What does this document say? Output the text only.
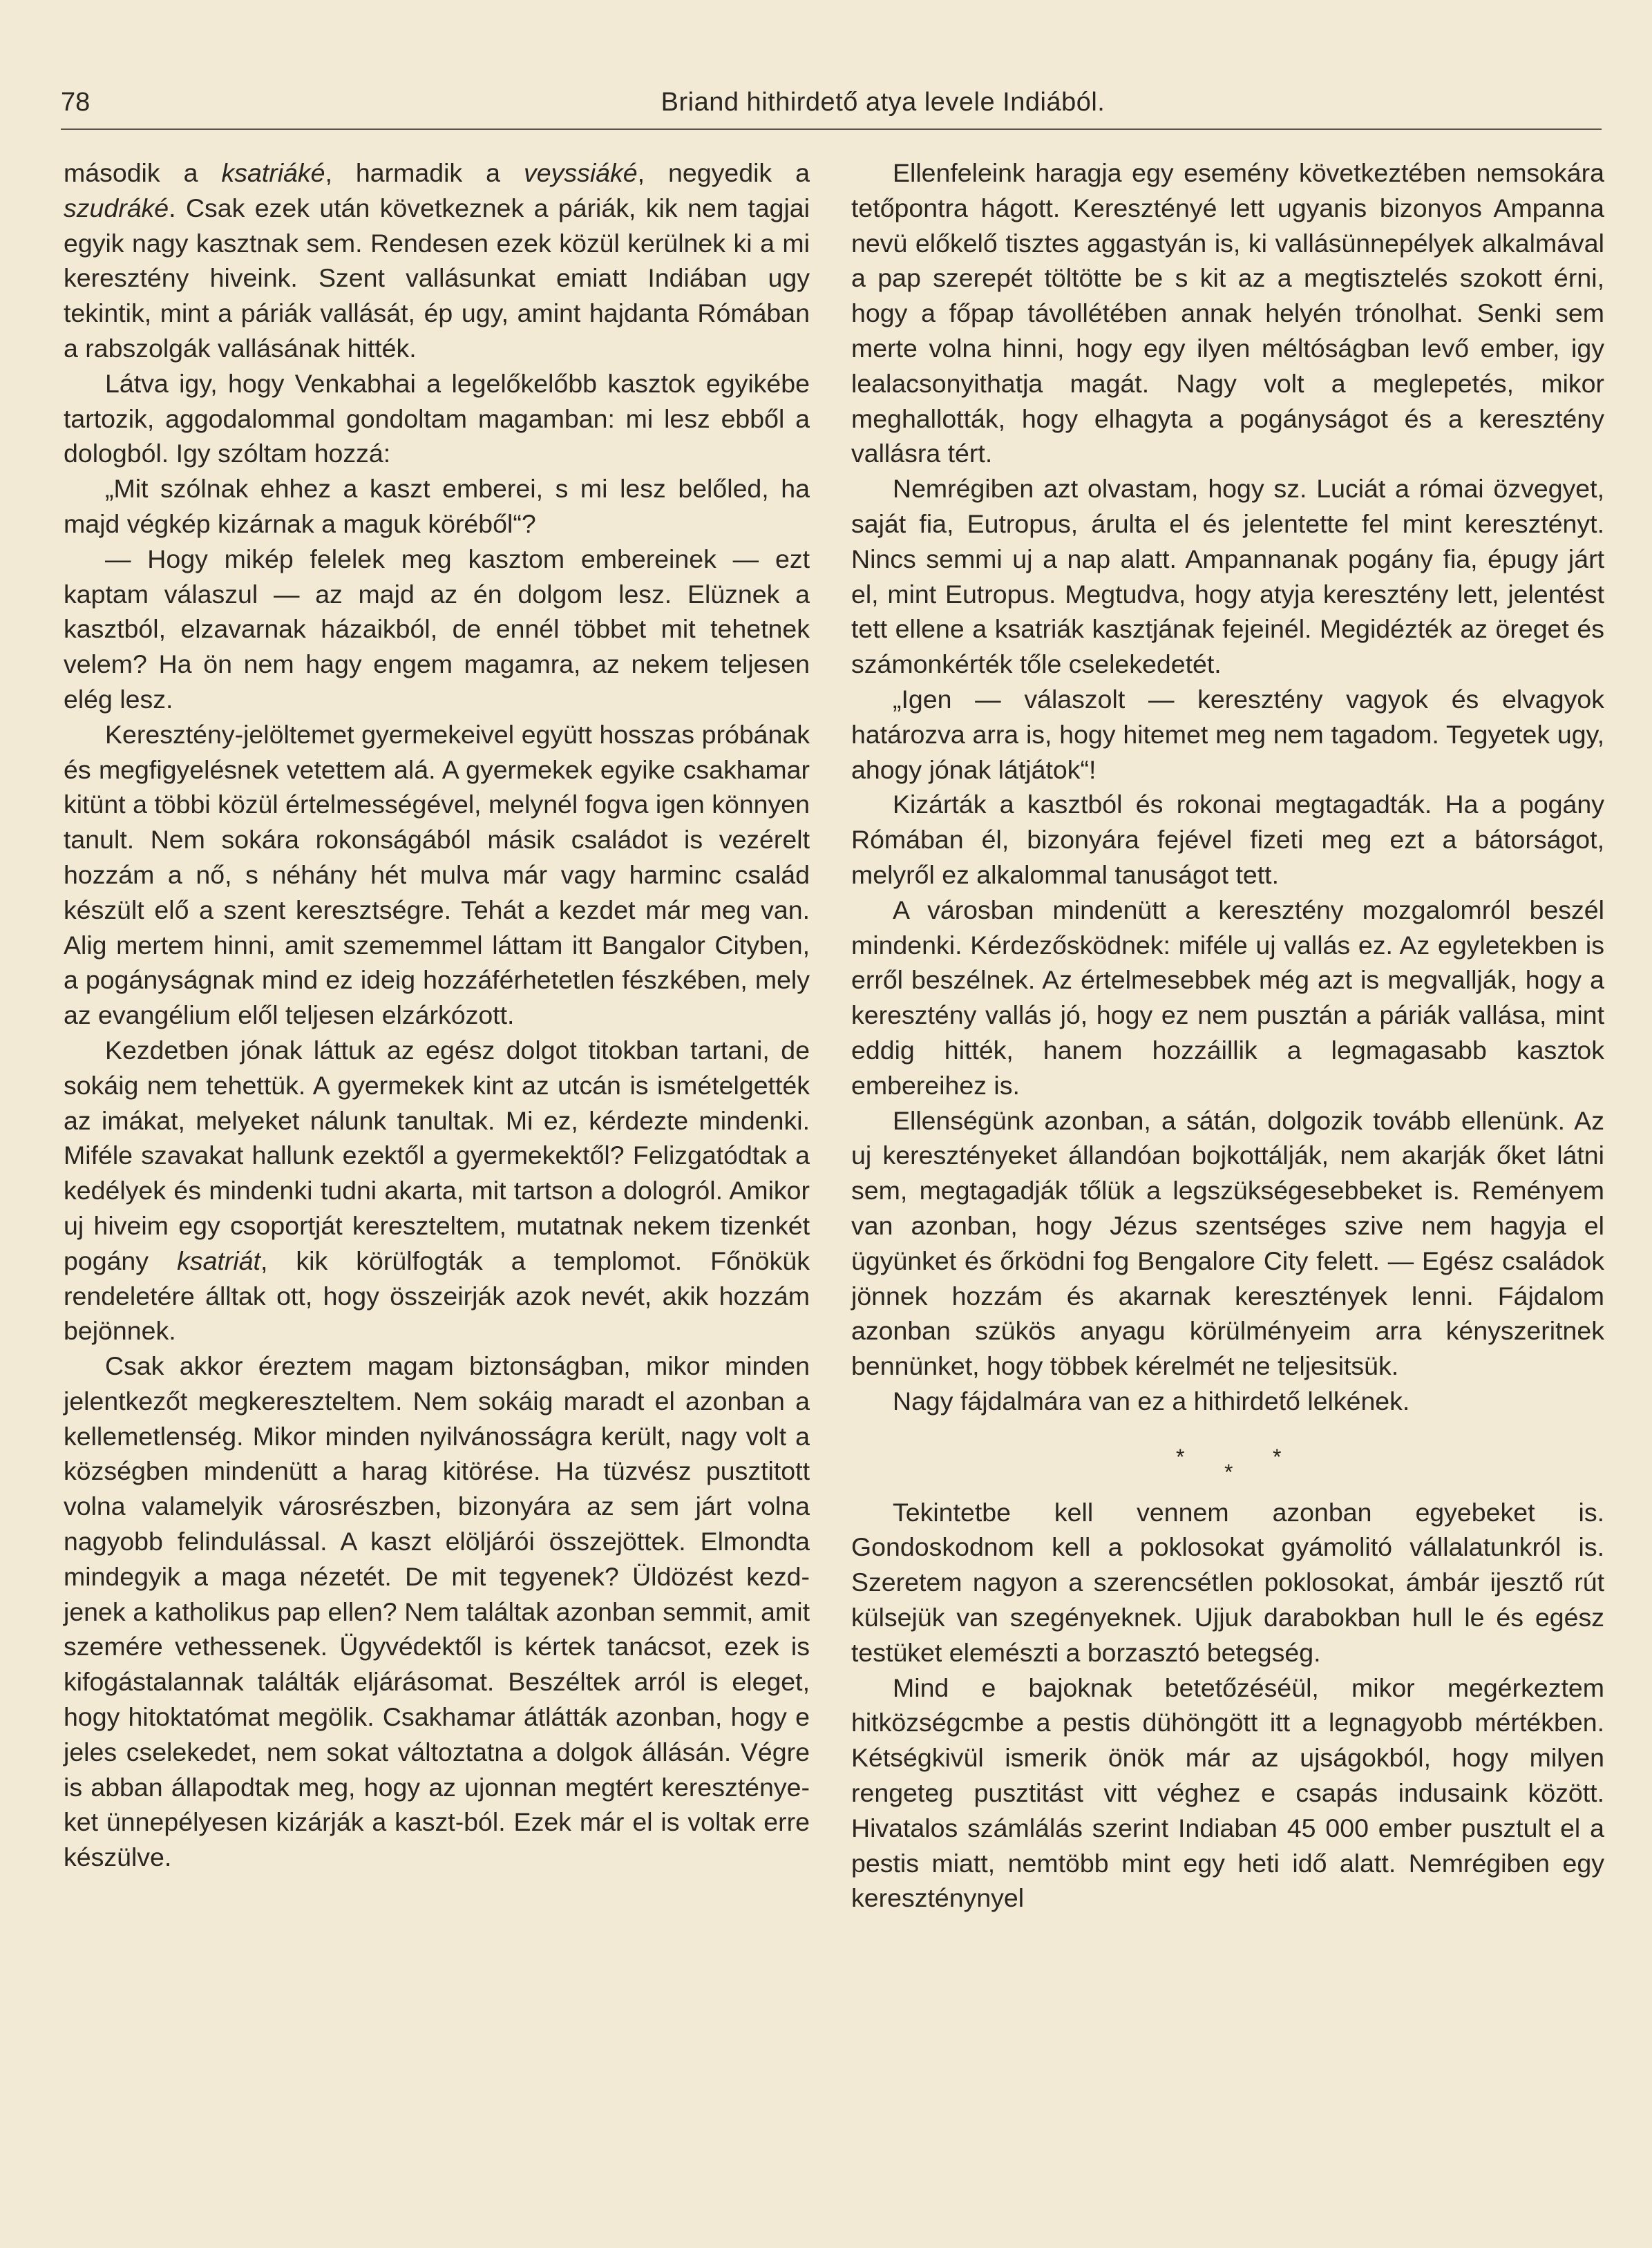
78	Briand hithirdető atya levele Indiából.

második a ksatriáké, harmadik a veyssiáké, negyedik a szudráké. Csak ezek után következnek a páriák, kik nem tagjai egyik nagy kasztnak sem. Rendesen ezek közül kerülnek ki a mi keresztény hiveink. Szent vallásunkat emiatt Indiában ugy tekintik, mint a páriák vallását, ép ugy, amint hajdanta Rómában a rabszolgák vallásának hitték.

Látva igy, hogy Venkabhai a legelőkelőbb kasztok egyikébe tartozik, aggodalommal gondoltam magamban: mi lesz ebből a dologból. Igy szóltam hozzá:

„Mit szólnak ehhez a kaszt emberei, s mi lesz belőled, ha majd végkép kizárnak a maguk köréből“?

— Hogy mikép felelek meg kasztom embereinek — ezt kaptam válaszul — az majd az én dolgom lesz. Elüznek a kasztból, elzavarnak házaikból, de ennél többet mit tehetnek velem? Ha ön nem hagy engem magamra, az nekem teljesen elég lesz.

Keresztény-jelöltemet gyermekeivel együtt hosszas próbának és megfigyelésnek vetettem alá. A gyermekek egyike csakhamar kitünt a többi közül értelmességével, melynél fogva igen könnyen tanult. Nem sokára rokonságából másik családot is vezérelt hozzám a nő, s néhány hét mulva már vagy harminc család készült elő a szent keresztségre. Tehát a kezdet már meg van. Alig mertem hinni, amit szememmel láttam itt Bangalor Cityben, a pogányságnak mind ez ideig hozzáférhetetlen fészkében, mely az evangélium elől teljesen elzárkózott.

Kezdetben jónak láttuk az egész dolgot titokban tartani, de sokáig nem tehettük. A gyermekek kint az utcán is ismételgették az imákat, melyeket nálunk tanultak. Mi ez, kérdezte mindenki. Miféle szavakat hallunk ezektől a gyermekektől? Felizgatódtak a kedélyek és mindenki tudni akarta, mit tartson a dologról. Amikor uj hiveim egy csoportját kereszteltem, mutatnak nekem tizenkét pogány ksatriát, kik körülfogták a templomot. Főnökük rendeletére álltak ott, hogy összeirják azok nevét, akik hozzám bejönnek.

Csak akkor éreztem magam biztonságban, mikor minden jelentkezőt megkereszteltem. Nem sokáig maradt el azonban a kellemetlenség. Mikor minden nyilvánosságra került, nagy volt a községben mindenütt a harag kitörése. Ha tüzvész pusztitott volna valamelyik városrészben, bizonyára az sem járt volna nagyobb felindulással. A kaszt elöljárói összejöttek. Elmondta mindegyik a maga nézetét. De mit tegyenek? Üldözést kezdjenek a katholikus pap ellen? Nem találtak azonban semmit, amit szemére vethessenek. Ügyvédektől is kértek tanácsot, ezek is kifogástalannak találták eljárásomat. Beszéltek arról is eleget, hogy hitoktatómat megölik. Csakhamar átlátták azonban, hogy e jeles cselekedet, nem sokat változtatna a dolgok állásán. Végre is abban állapodtak meg, hogy az ujonnan megtért keresztényeket ünnepélyesen kizárják a kaszt-ból. Ezek már el is voltak erre készülve.

Ellenfeleink haragja egy esemény következtében nemsokára tetőpontra hágott. Keresztényé lett ugyanis bizonyos Ampanna nevü előkelő tisztes aggastyán is, ki vallásünnepélyek alkalmával a pap szerepét töltötte be s kit az a megtisztelés szokott érni, hogy a főpap távollétében annak helyén trónolhat. Senki sem merte volna hinni, hogy egy ilyen méltóságban levő ember, igy lealacsonyithatja magát. Nagy volt a meglepetés, mikor meghallották, hogy elhagyta a pogányságot és a keresztény vallásra tért.

Nemrégiben azt olvastam, hogy sz. Luciát a római özvegyet, saját fia, Eutropus, árulta el és jelentette fel mint keresztényt. Nincs semmi uj a nap alatt. Ampannanak pogány fia, épugy járt el, mint Eutropus. Megtudva, hogy atyja keresztény lett, jelentést tett ellene a ksatriák kasztjának fejeinél. Megidézték az öreget és számonkérték tőle cselekedetét.

„Igen — válaszolt — keresztény vagyok és elvagyok határozva arra is, hogy hitemet meg nem tagadom. Tegyetek ugy, ahogy jónak látjátok“!

Kizárták a kasztból és rokonai megtagadták. Ha a pogány Rómában él, bizonyára fejével fizeti meg ezt a bátorságot, melyről ez alkalommal tanuságot tett.

A városban mindenütt a keresztény mozgalomról beszél mindenki. Kérdezősködnek: miféle uj vallás ez. Az egyletekben is erről beszélnek. Az értelmesebbek még azt is megvallják, hogy a keresztény vallás jó, hogy ez nem pusztán a páriák vallása, mint eddig hitték, hanem hozzáillik a legmagasabb kasztok embereihez is.

Ellenségünk azonban, a sátán, dolgozik tovább ellenünk. Az uj keresztényeket állandóan bojkottálják, nem akarják őket látni sem, megtagadják tőlük a legszükségesebbeket is. Reményem van azonban, hogy Jézus szentséges szive nem hagyja el ügyünket és őrködni fog Bengalore City felett. — Egész családok jönnek hozzám és akarnak keresztények lenni. Fájdalom azonban szükös anyagu körülményeim arra kényszeritnek bennünket, hogy többek kérelmét ne teljesitsük.

Nagy fájdalmára van ez a hithirdető lelkének.

*
*
*

Tekintetbe kell vennem azonban egyebeket is. Gondoskodnom kell a poklosokat gyámolitó vállalatunkról is. Szeretem nagyon a szerencsétlen poklosokat, ámbár ijesztő rút külsejük van szegényeknek. Ujjuk darabokban hull le és egész testüket elemészti a borzasztó betegség.

Mind e bajoknak betetőzéséül, mikor megérkeztem hitközségcmbe a pestis dühöngött itt a legnagyobb mértékben. Kétségkivül ismerik önök már az ujságokból, hogy milyen rengeteg pusztitást vitt véghez e csapás indusaink között. Hivatalos számlálás szerint Indiaban 45 000 ember pusztult el a pestis miatt, nemtöbb mint egy heti idő alatt. Nemrégiben egy kereszténynyel
